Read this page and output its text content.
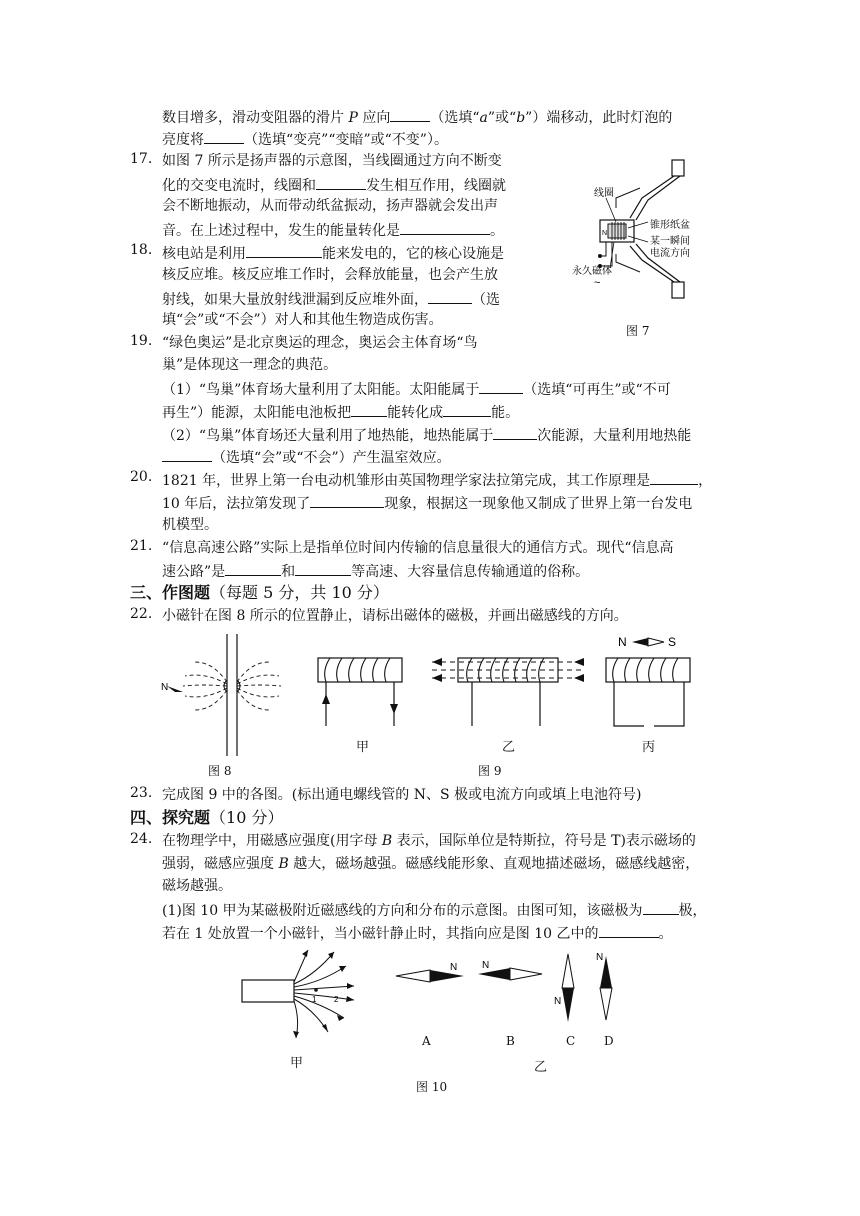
数目增多，滑动变阻器的滑片 P 应向	（选填“a”或“b”）端移动，此时灯泡的
亮度将	（选填“变亮”“变暗”或“不变”）。
17. 如图 7 所示是扬声器的示意图，当线圈通过方向不断变
化的交变电流时，线圈和	发生相互作用，线圈就
会不断地振动，从而带动纸盆振动，扬声器就会发出声
音。在上述过程中，发生的能量转化是	。
18. 核电站是利用	能来发电的，它的核心设施是
核反应堆。核反应堆工作时，会释放能量，也会产生放
射线，如果大量放射线泄漏到反应堆外面，	（选
填“会”或“不会”）对人和其他生物造成伤害。
N
~
线圈
锥形纸盆
某一瞬间
电流方向
永久磁体
图 7
19. “绿色奥运”是北京奥运的理念，奥运会主体育场“鸟
巢”是体现这一理念的典范。
（1）“鸟巢”体育场大量利用了太阳能。太阳能属于	（选填“可再生”或“不可
再生”）能源，太阳能电池板把	能转化成	能。
（2）“鸟巢”体育场还大量利用了地热能，地热能属于	次能源，大量利用地热能
（选填“会”或“不会”）产生温室效应。
20. 1821 年，世界上第一台电动机雏形由英国物理学家法拉第完成，其工作原理是	，
10 年后，法拉第发现了	现象，根据这一现象他又制成了世界上第一台发电
机模型。
21. “信息高速公路”实际上是指单位时间内传输的信息量很大的通信方式。现代“信息高
速公路”是	和	等高速、大容量信息传输通道的俗称。
三、作图题（每题 5 分，共 10 分）
22. 小磁针在图 8 所示的位置静止，请标出磁体的磁极，并画出磁感线的方向。
N
图 8
甲	乙
N	S
丙
图 9
23. 完成图 9 中的各图。(标出通电螺线管的 N、S 极或电流方向或填上电池符号)
四、探究题（10 分）
24. 在物理学中，用磁感应强度(用字母 B 表示，国际单位是特斯拉，符号是 T)表示磁场的
强弱，磁感应强度 B 越大，磁场越强。磁感线能形象、直观地描述磁场，磁感线越密，
磁场越强。
(1)图 10 甲为某磁极附近磁感线的方向和分布的示意图。由图可知，该磁极为	极，
若在 1 处放置一个小磁针，当小磁针静止时，其指向应是图 10 乙中的	。
1 2
甲
N N
N
N
A	B	C D
乙
图 10
